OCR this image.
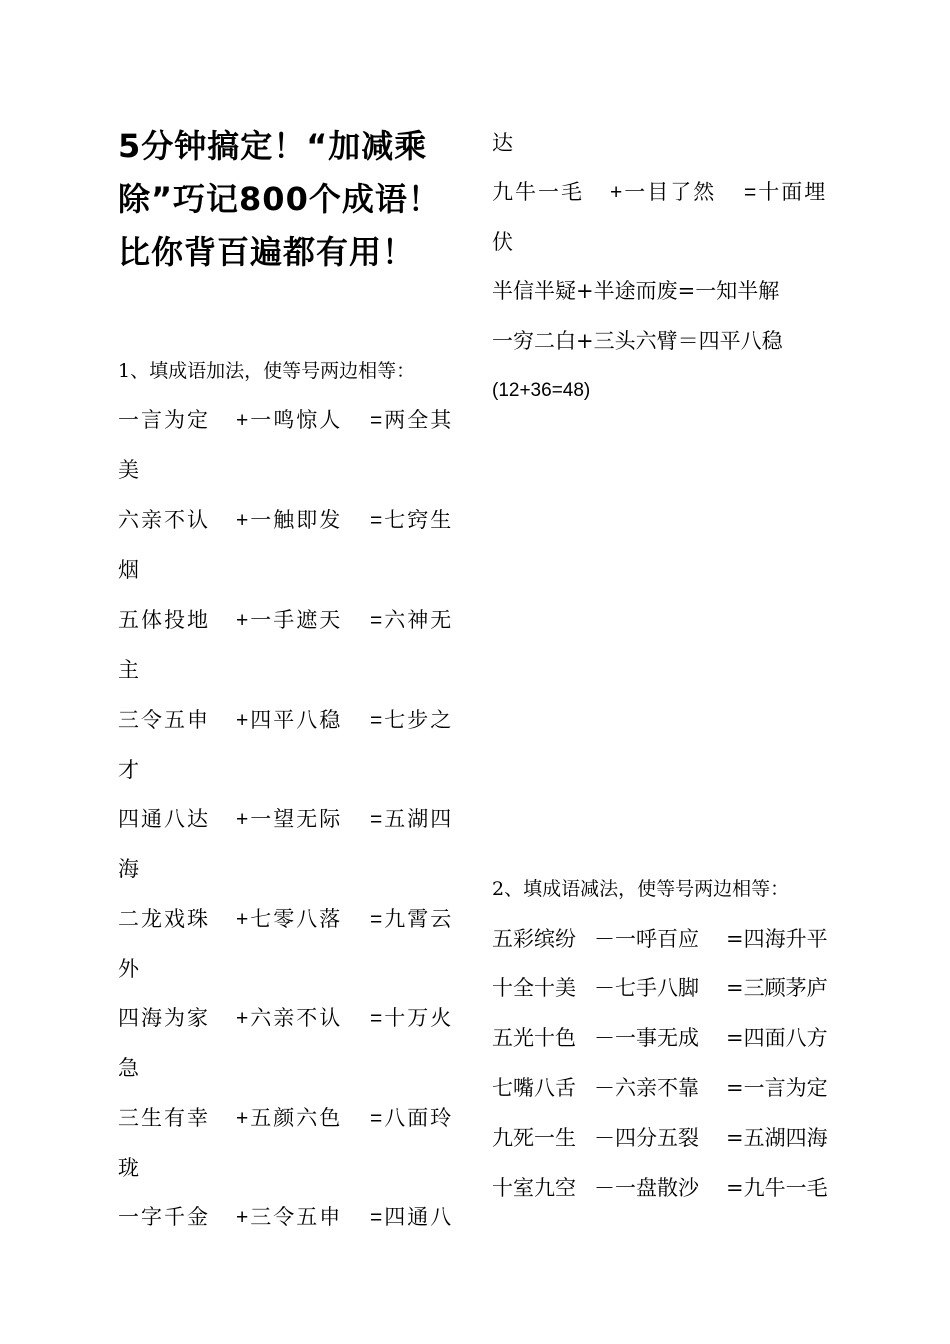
5分钟搞定！“加减乘除”巧记800个成语！比你背百遍都有用！
1、填成语加法，使等号两边相等：
一言为定 +一鸣惊人 =两全其
美
六亲不认 +一触即发 =七窍生
烟
五体投地 +一手遮天 =六神无
主
三令五申 +四平八稳 =七步之
才
四通八达 +一望无际 =五湖四
海
二龙戏珠 +七零八落 =九霄云
外
四海为家 +六亲不认 =十万火
急
三生有幸 +五颜六色 =八面玲
珑
一字千金 +三令五申 =四通八
达
九牛一毛 +一目了然 =十面埋
伏
半信半疑+半途而废=一知半解
一穷二白+三头六臂＝四平八稳
(12+36=48)
2、填成语减法，使等号两边相等：
五彩缤纷 －一呼百应 =四海升平
十全十美 －七手八脚 =三顾茅庐
五光十色 －一事无成 =四面八方
七嘴八舌 －六亲不靠 =一言为定
九死一生 －四分五裂 =五湖四海
十室九空 －一盘散沙 =九牛一毛
